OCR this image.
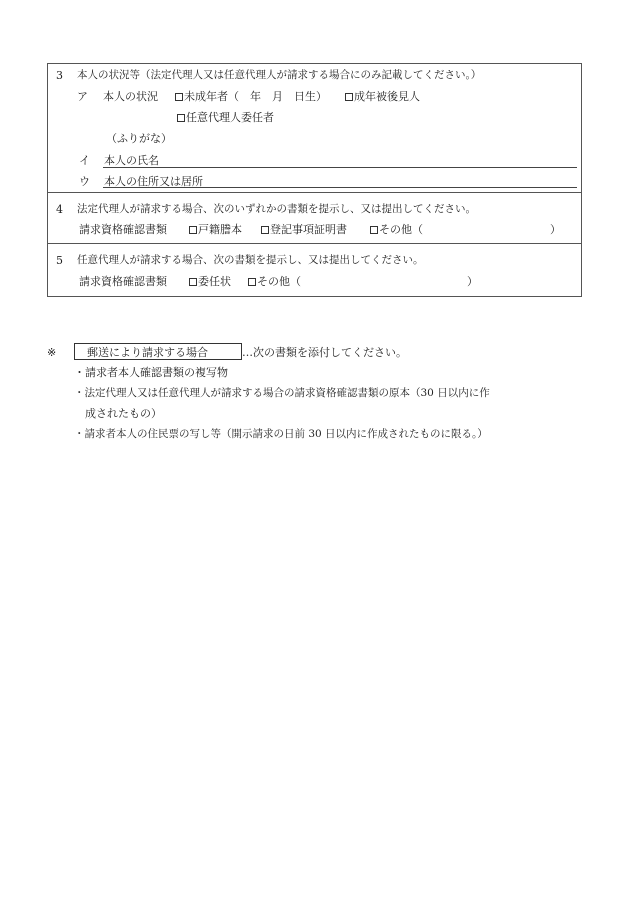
3 本人の状況等（法定代理人又は任意代理人が請求する場合にのみ記載してください。）
ア 本人の状況	未成年者（　年　月　日生）	成年被後見人
任意代理人委任者
（ふりがな）
イ 本人の氏名
ウ 本人の住所又は居所
4 法定代理人が請求する場合、次のいずれかの書類を提示し、又は提出してください。
請求資格確認書類	戸籍謄本	登記事項証明書	その他（	）
5 任意代理人が請求する場合、次の書類を提示し、又は提出してください。
請求資格確認書類	委任状	その他（	）
※	郵送により請求する場合	…次の書類を添付してください。
・請求者本人確認書類の複写物
・法定代理人又は任意代理人が請求する場合の請求資格確認書類の原本（30 日以内に作
成されたもの）
・請求者本人の住民票の写し等（開示請求の日前 30 日以内に作成されたものに限る。）
